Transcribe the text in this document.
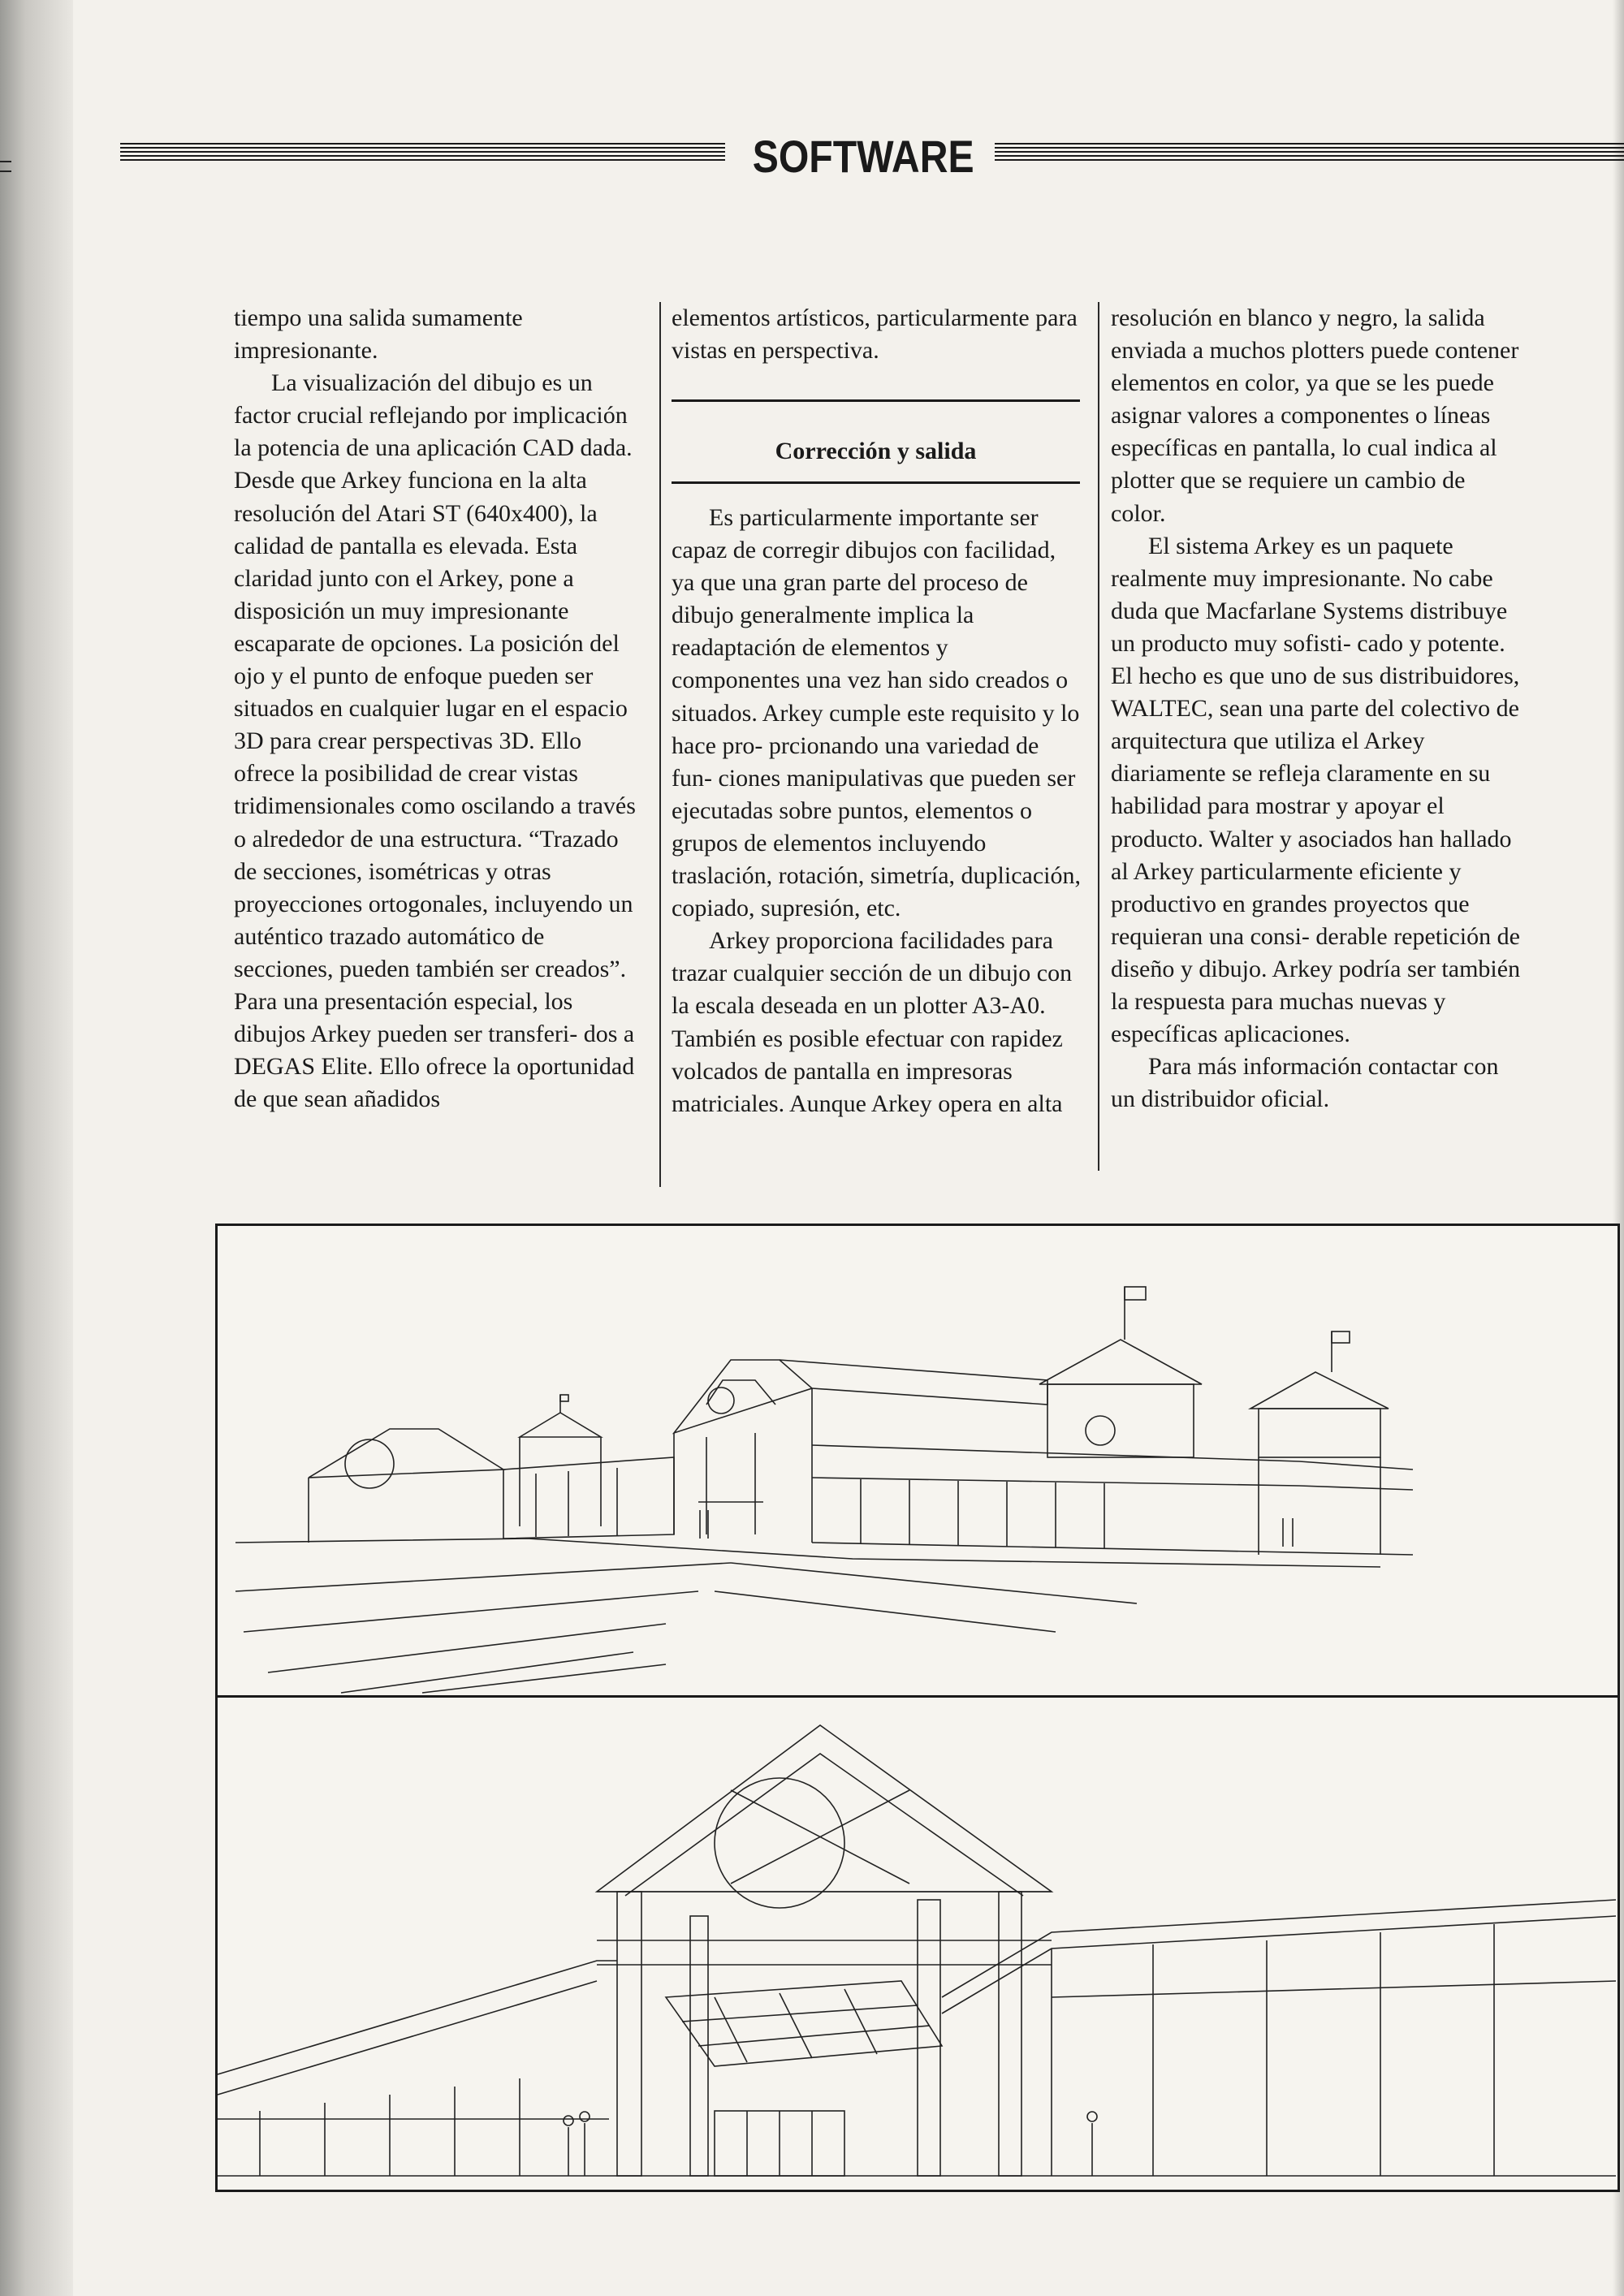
SOFTWARE

tiempo una salida sumamente impresionante.

La visualización del dibujo es un factor crucial reflejando por implicación la potencia de una aplicación CAD dada. Desde que Arkey funciona en la alta resolución del Atari ST (640x400), la calidad de pantalla es elevada. Esta claridad junto con el Arkey, pone a disposición un muy impresionante escaparate de opciones. La posición del ojo y el punto de enfoque pueden ser situados en cualquier lugar en el espacio 3D para crear perspectivas 3D. Ello ofrece la posibilidad de crear vistas tridimensionales como oscilando a través o alrededor de una estructura. “Trazado de secciones, isométricas y otras proyecciones ortogonales, incluyendo un auténtico trazado automático de secciones, pueden también ser creados”. Para una presentación especial, los dibujos Arkey pueden ser transferi- dos a DEGAS Elite. Ello ofrece la oportunidad de que sean añadidos

elementos artísticos, particularmente para vistas en perspectiva.

Corrección y salida

Es particularmente importante ser capaz de corregir dibujos con facilidad, ya que una gran parte del proceso de dibujo generalmente implica la readaptación de elementos y componentes una vez han sido creados o situados. Arkey cumple este requisito y lo hace pro- prcionando una variedad de fun- ciones manipulativas que pueden ser ejecutadas sobre puntos, elementos o grupos de elementos incluyendo traslación, rotación, simetría, duplicación, copiado, supresión, etc.

Arkey proporciona facilidades para trazar cualquier sección de un dibujo con la escala deseada en un plotter A3-A0. También es posible efectuar con rapidez volcados de pantalla en impresoras matriciales. Aunque Arkey opera en alta

resolución en blanco y negro, la salida enviada a muchos plotters puede contener elementos en color, ya que se les puede asignar valores a componentes o líneas específicas en pantalla, lo cual indica al plotter que se requiere un cambio de color.

El sistema Arkey es un paquete realmente muy impresionante. No cabe duda que Macfarlane Systems distribuye un producto muy sofisti- cado y potente. El hecho es que uno de sus distribuidores, WALTEC, sean una parte del colectivo de arquitectura que utiliza el Arkey diariamente se refleja claramente en su habilidad para mostrar y apoyar el producto. Walter y asociados han hallado al Arkey particularmente eficiente y productivo en grandes proyectos que requieran una consi- derable repetición de diseño y dibujo. Arkey podría ser también la respuesta para muchas nuevas y específicas aplicaciones.

Para más información contactar con un distribuidor oficial.
